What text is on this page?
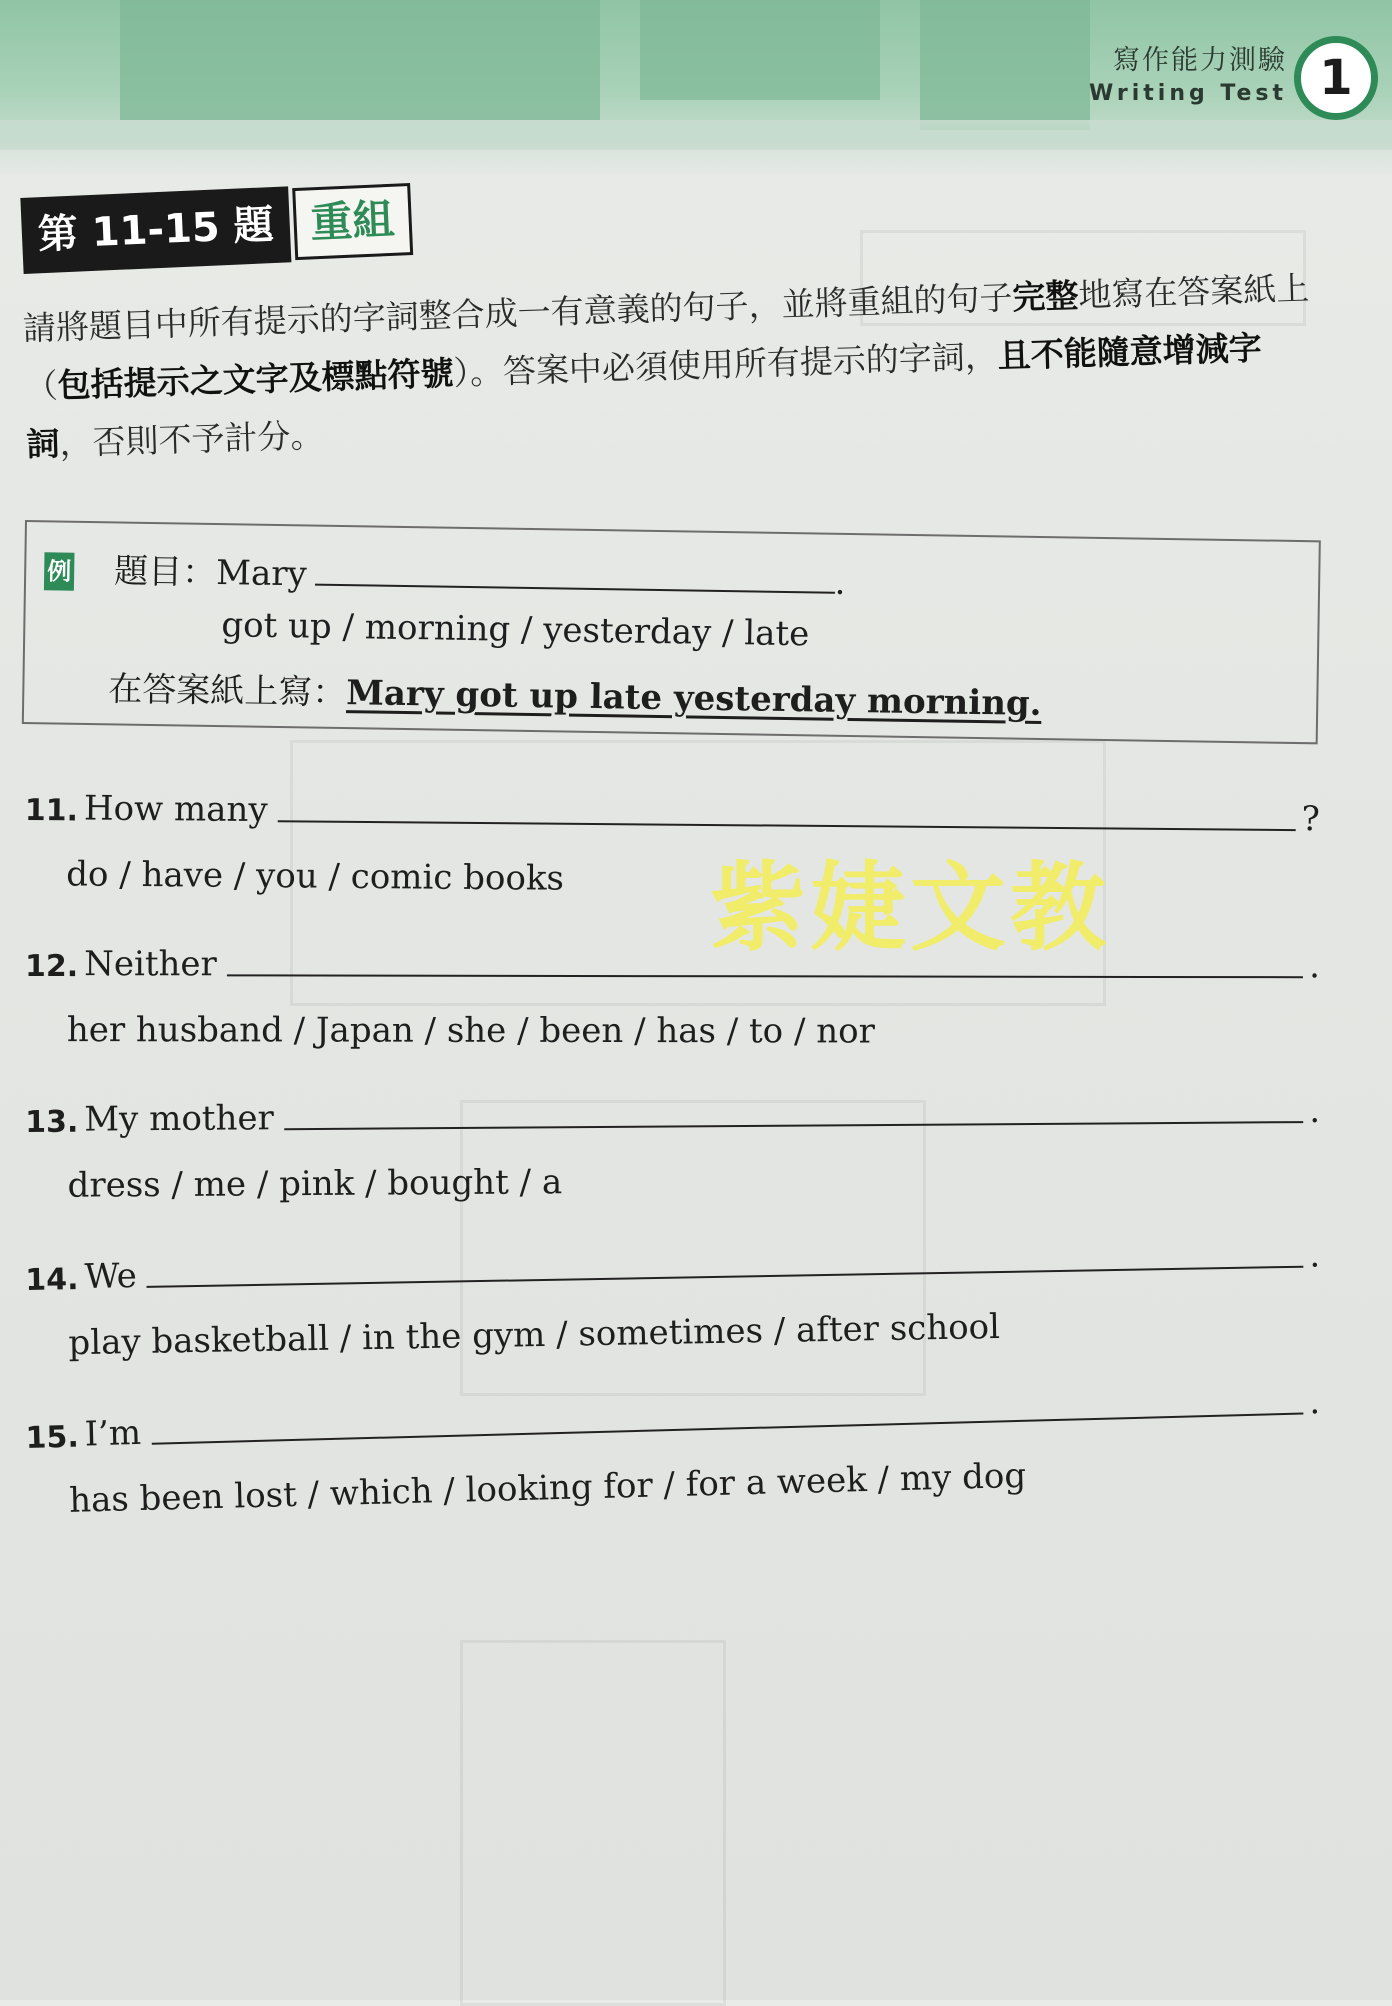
寫作能力測驗
Writing Test 1
第 11-15 題 重組
請將題目中所有提示的字詞整合成一有意義的句子，並將重組的句子完整地寫在答案紙上（包括提示之文字及標點符號）。答案中必須使用所有提示的字詞，且不能隨意增減字詞，否則不予計分。
例 題目：Mary	.
got up / morning / yesterday / late
在答案紙上寫：Mary got up late yesterday morning.
11. How many	?
do / have / you / comic books
12. Neither	.
her husband / Japan / she / been / has / to / nor
13. My mother	.
dress / me / pink / bought / a
14. We
.
play basketball / in the gym / sometimes / after school
15. I’m
.
has been lost / which / looking for / for a week / my dog
紫婕文教
